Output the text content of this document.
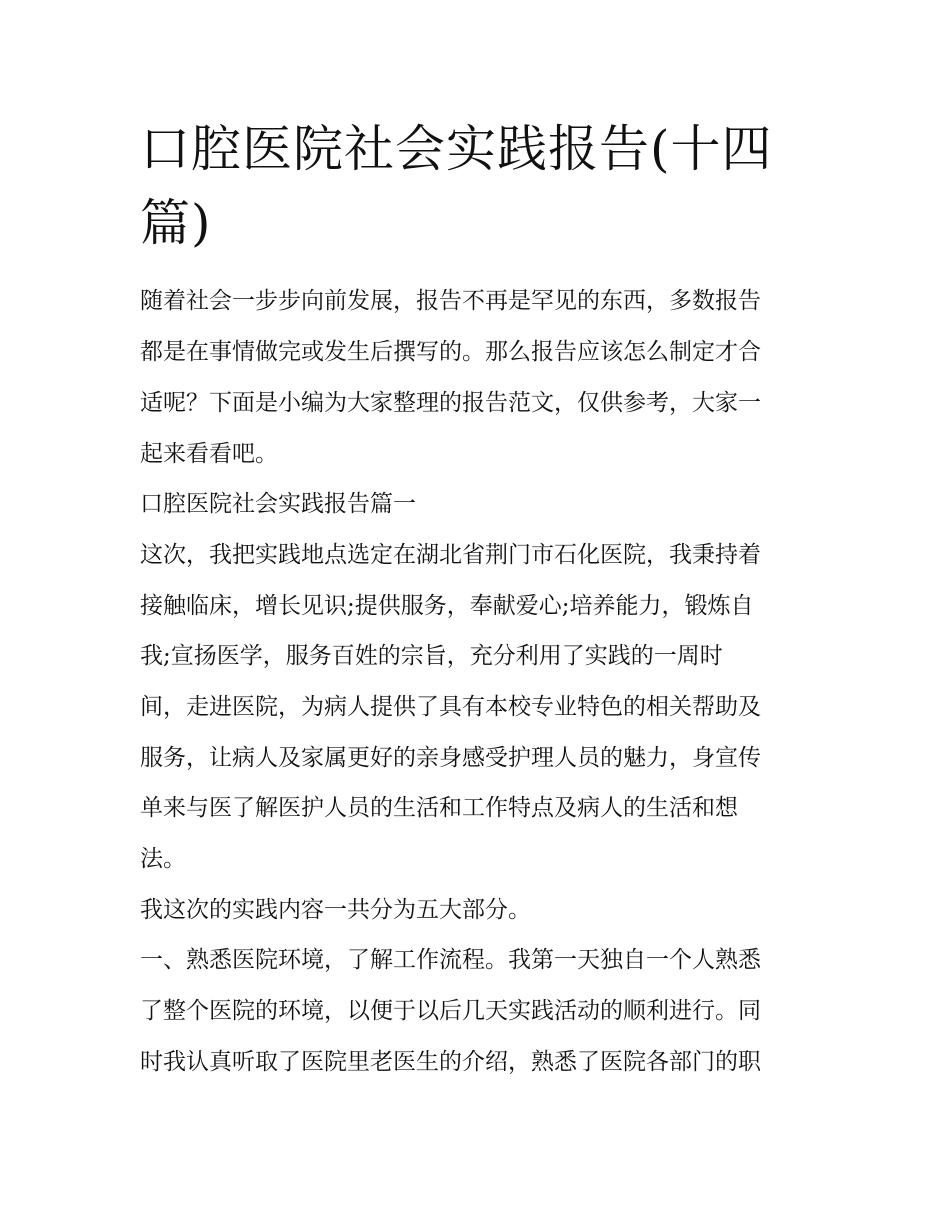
口腔医院社会实践报告(十四
篇)

随着社会一步步向前发展，报告不再是罕见的东西，多数报告

都是在事情做完或发生后撰写的。那么报告应该怎么制定才合

适呢？下面是小编为大家整理的报告范文，仅供参考，大家一

起来看看吧。

口腔医院社会实践报告篇一

这次，我把实践地点选定在湖北省荆门市石化医院，我秉持着

接触临床，增长见识;提供服务，奉献爱心;培养能力，锻炼自

我;宣扬医学，服务百姓的宗旨，充分利用了实践的一周时

间，走进医院，为病人提供了具有本校专业特色的相关帮助及

服务，让病人及家属更好的亲身感受护理人员的魅力，身宣传

单来与医了解医护人员的生活和工作特点及病人的生活和想

法。

我这次的实践内容一共分为五大部分。

一、熟悉医院环境，了解工作流程。我第一天独自一个人熟悉

了整个医院的环境，以便于以后几天实践活动的顺利进行。同

时我认真听取了医院里老医生的介绍，熟悉了医院各部门的职
